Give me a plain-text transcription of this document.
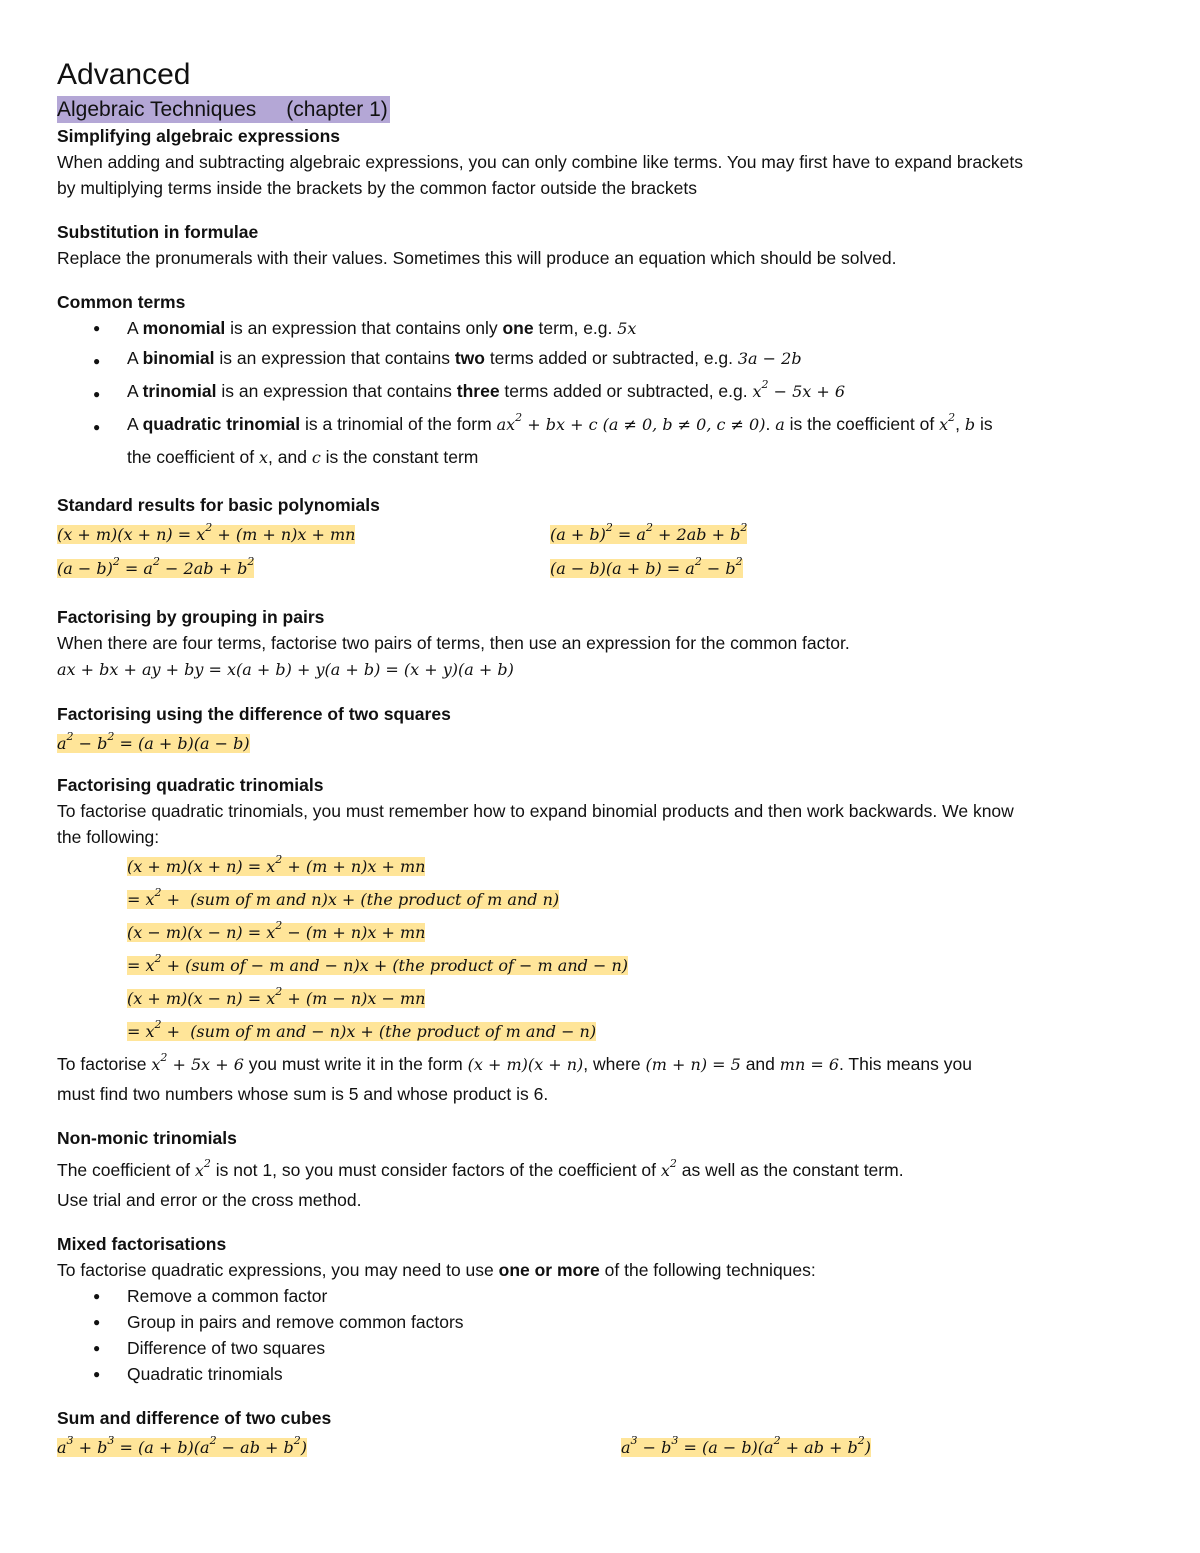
Advanced
Algebraic Techniques (chapter 1)

Simplifying algebraic expressions

When adding and subtracting algebraic expressions, you can only combine like terms. You may first have to expand brackets

by multiplying terms inside the brackets by the common factor outside the brackets

Substitution in formulae

Replace the pronumerals with their values. Sometimes this will produce an equation which should be solved.

Common terms

● A monomial is an expression that contains only one term, e.g. 5x
● A binomial is an expression that contains two terms added or subtracted, e.g. 3a − 2b
● A trinomial is an expression that contains three terms added or subtracted, e.g. $x^2 - 5x + 6$
● A quadratic trinomial is a trinomial of the form $ax^2$ + bx + c (a ≠ 0, b ≠ 0, c ≠ 0). a is the coefficient of $x^2$, b is
the coefficient of x, and c is the constant term

Standard results for basic polynomials

$(x + m)(x + n) = x^2 + (m + n)x$ + mn	$(a + b)^2 = a^2 + 2ab + b^2$
$(a - b)^2 = a^2 - 2ab + b^2$	$(a - b)(a + b) = a^2 - b^2$

Factorising by grouping in pairs

When there are four terms, factorise two pairs of terms, then use an expression for the common factor.

ax + bx + ay + by = x(a + b) + y(a + b) = (x + y)(a + b)

Factorising using the difference of two squares

$a^2 - b^2 = (a + b)(a - b)$

Factorising quadratic trinomials

To factorise quadratic trinomials, you must remember how to expand binomial products and then work backwards. We know

the following:

$(x + m)(x + n) = x^2 + (m + n)x$ + mn
= $x^2 + (sum$ of m and n)x + (the product of m and n)
$(x - m)(x - n) = x^2 - (m + n)x$ + mn
= $x^2 + (sum$ of − m and − n)x + (the product of − m and − n)
$(x + m)(x - n) = x^2 + (m - n)x$ − mn
= $x^2 + (sum$ of m and − n)x + (the product of m and − n)

To factorise $x^2 + 5x + 6$ you must write it in the form (x + m)(x + n), where (m + n) = 5 and mn = 6. This means you

must find two numbers whose sum is 5 and whose product is 6.

Non-monic trinomials

The coefficient of $x^2$ is not 1, so you must consider factors of the coefficient of $x^2$ as well as the constant term.

Use trial and error or the cross method.

Mixed factorisations

To factorise quadratic expressions, you may need to use one or more of the following techniques:

● Remove a common factor
● Group in pairs and remove common factors
● Difference of two squares
● Quadratic trinomials

Sum and difference of two cubes

$a^3 + b^3 = (a + b)(a^2$ − ab + $b^2$)	$a^3 - b^3 = (a - b)(a^2$ + ab + $b^2$)
